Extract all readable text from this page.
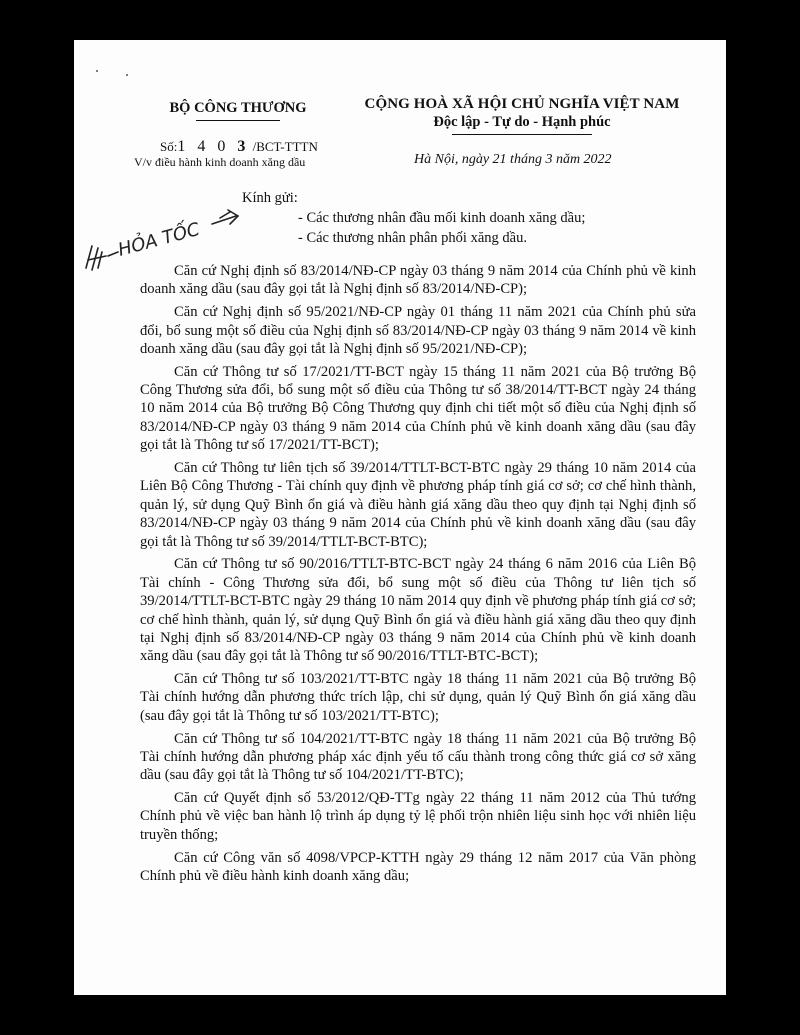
BỘ CÔNG THƯƠNG
Số:1 4 0 3 /BCT-TTTN
V/v điều hành kinh doanh xăng dầu
CỘNG HOÀ XÃ HỘI CHỦ NGHĨA VIỆT NAM
Độc lập - Tự do - Hạnh phúc
Hà Nội, ngày 21 tháng 3 năm 2022
HỎA TỐC
Kính gửi:
- Các thương nhân đầu mối kinh doanh xăng dầu;
- Các thương nhân phân phối xăng dầu.

Căn cứ Nghị định số 83/2014/NĐ-CP ngày 03 tháng 9 năm 2014 của Chính phủ về kinh doanh xăng dầu (sau đây gọi tắt là Nghị định số 83/2014/NĐ-CP);

Căn cứ Nghị định số 95/2021/NĐ-CP ngày 01 tháng 11 năm 2021 của Chính phủ sửa đổi, bổ sung một số điều của Nghị định số 83/2014/NĐ-CP ngày 03 tháng 9 năm 2014 về kinh doanh xăng dầu (sau đây gọi tắt là Nghị định số 95/2021/NĐ-CP);

Căn cứ Thông tư số 17/2021/TT-BCT ngày 15 tháng 11 năm 2021 của Bộ trưởng Bộ Công Thương sửa đổi, bổ sung một số điều của Thông tư số 38/2014/TT-BCT ngày 24 tháng 10 năm 2014 của Bộ trưởng Bộ Công Thương quy định chi tiết một số điều của Nghị định số 83/2014/NĐ-CP ngày 03 tháng 9 năm 2014 của Chính phủ về kinh doanh xăng dầu (sau đây gọi tắt là Thông tư số 17/2021/TT-BCT);

Căn cứ Thông tư liên tịch số 39/2014/TTLT-BCT-BTC ngày 29 tháng 10 năm 2014 của Liên Bộ Công Thương - Tài chính quy định về phương pháp tính giá cơ sở; cơ chế hình thành, quản lý, sử dụng Quỹ Bình ổn giá và điều hành giá xăng dầu theo quy định tại Nghị định số 83/2014/NĐ-CP ngày 03 tháng 9 năm 2014 của Chính phủ về kinh doanh xăng dầu (sau đây gọi tắt là Thông tư số 39/2014/TTLT-BCT-BTC);

Căn cứ Thông tư số 90/2016/TTLT-BTC-BCT ngày 24 tháng 6 năm 2016 của Liên Bộ Tài chính - Công Thương sửa đổi, bổ sung một số điều của Thông tư liên tịch số 39/2014/TTLT-BCT-BTC ngày 29 tháng 10 năm 2014 quy định về phương pháp tính giá cơ sở; cơ chế hình thành, quản lý, sử dụng Quỹ Bình ổn giá và điều hành giá xăng dầu theo quy định tại Nghị định số 83/2014/NĐ-CP ngày 03 tháng 9 năm 2014 của Chính phủ về kinh doanh xăng dầu (sau đây gọi tắt là Thông tư số 90/2016/TTLT-BTC-BCT);

Căn cứ Thông tư số 103/2021/TT-BTC ngày 18 tháng 11 năm 2021 của Bộ trưởng Bộ Tài chính hướng dẫn phương thức trích lập, chi sử dụng, quản lý Quỹ Bình ổn giá xăng dầu (sau đây gọi tắt là Thông tư số 103/2021/TT-BTC);

Căn cứ Thông tư số 104/2021/TT-BTC ngày 18 tháng 11 năm 2021 của Bộ trưởng Bộ Tài chính hướng dẫn phương pháp xác định yếu tố cấu thành trong công thức giá cơ sở xăng dầu (sau đây gọi tắt là Thông tư số 104/2021/TT-BTC);

Căn cứ Quyết định số 53/2012/QĐ-TTg ngày 22 tháng 11 năm 2012 của Thủ tướng Chính phủ về việc ban hành lộ trình áp dụng tỷ lệ phối trộn nhiên liệu sinh học với nhiên liệu truyền thống;

Căn cứ Công văn số 4098/VPCP-KTTH ngày 29 tháng 12 năm 2017 của Văn phòng Chính phủ về điều hành kinh doanh xăng dầu;
